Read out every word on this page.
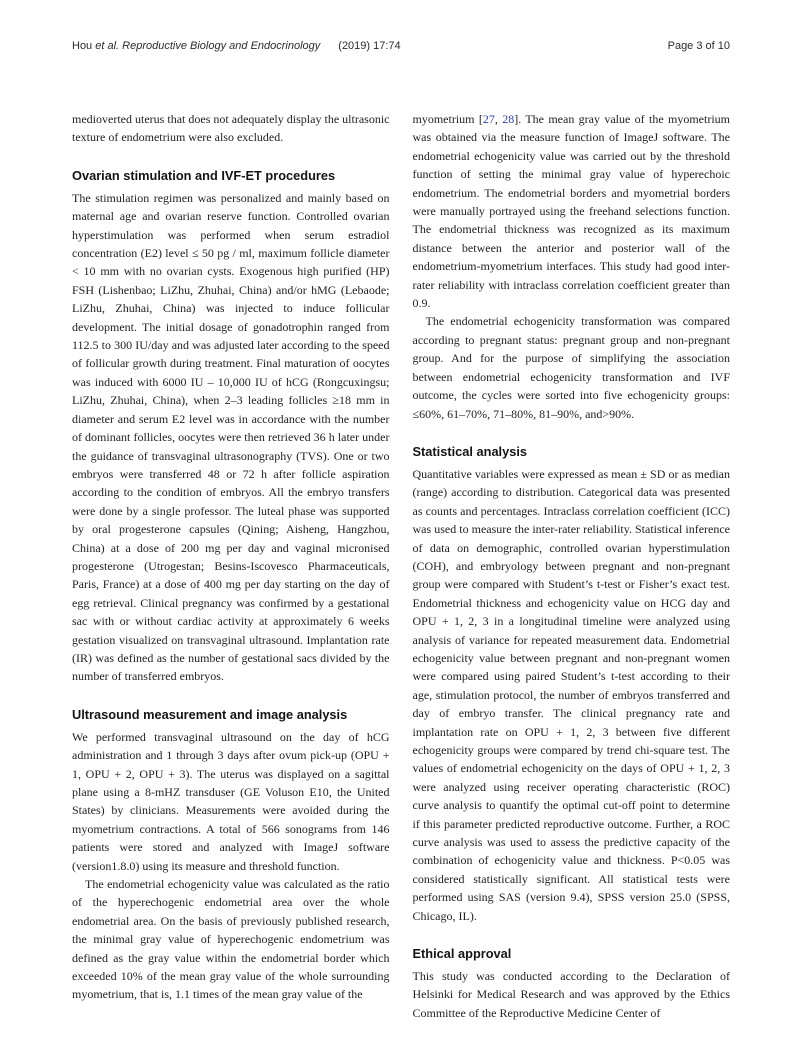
Hou et al. Reproductive Biology and Endocrinology (2019) 17:74	Page 3 of 10

medioverted uterus that does not adequately display the ultrasonic texture of endometrium were also excluded.

Ovarian stimulation and IVF-ET procedures

The stimulation regimen was personalized and mainly based on maternal age and ovarian reserve function. Controlled ovarian hyperstimulation was performed when serum estradiol concentration (E2) level ≤ 50 pg / ml, maximum follicle diameter < 10 mm with no ovarian cysts. Exogenous high purified (HP) FSH (Lishenbao; LiZhu, Zhuhai, China) and/or hMG (Lebaode; LiZhu, Zhuhai, China) was injected to induce follicular development. The initial dosage of gonadotrophin ranged from 112.5 to 300 IU/day and was adjusted later according to the speed of follicular growth during treatment. Final maturation of oocytes was induced with 6000 IU – 10,000 IU of hCG (Rongcuxingsu; LiZhu, Zhuhai, China), when 2–3 leading follicles ≥18 mm in diameter and serum E2 level was in accordance with the number of dominant follicles, oocytes were then retrieved 36 h later under the guidance of transvaginal ultrasonography (TVS). One or two embryos were transferred 48 or 72 h after follicle aspiration according to the condition of embryos. All the embryo transfers were done by a single professor. The luteal phase was supported by oral progesterone capsules (Qining; Aisheng, Hangzhou, China) at a dose of 200 mg per day and vaginal micronised progesterone (Utrogestan; Besins-Iscovesco Pharmaceuticals, Paris, France) at a dose of 400 mg per day starting on the day of egg retrieval. Clinical pregnancy was confirmed by a gestational sac with or without cardiac activity at approximately 6 weeks gestation visualized on transvaginal ultrasound. Implantation rate (IR) was defined as the number of gestational sacs divided by the number of transferred embryos.

Ultrasound measurement and image analysis

We performed transvaginal ultrasound on the day of hCG administration and 1 through 3 days after ovum pick-up (OPU + 1, OPU + 2, OPU + 3). The uterus was displayed on a sagittal plane using a 8-mHZ transduser (GE Voluson E10, the United States) by clinicians. Measurements were avoided during the myometrium contractions. A total of 566 sonograms from 146 patients were stored and analyzed with ImageJ software (version1.8.0) using its measure and threshold function.

The endometrial echogenicity value was calculated as the ratio of the hyperechogenic endometrial area over the whole endometrial area. On the basis of previously published research, the minimal gray value of hyperechogenic endometrium was defined as the gray value within the endometrial border which exceeded 10% of the mean gray value of the whole surrounding myometrium, that is, 1.1 times of the mean gray value of the

myometrium [27, 28]. The mean gray value of the myometrium was obtained via the measure function of ImageJ software. The endometrial echogenicity value was carried out by the threshold function of setting the minimal gray value of hyperechoic endometrium. The endometrial borders and myometrial borders were manually portrayed using the freehand selections function. The endometrial thickness was recognized as its maximum distance between the anterior and posterior wall of the endometrium-myometrium interfaces. This study had good inter-rater reliability with intraclass correlation coefficient greater than 0.9.

The endometrial echogenicity transformation was compared according to pregnant status: pregnant group and non-pregnant group. And for the purpose of simplifying the association between endometrial echogenicity transformation and IVF outcome, the cycles were sorted into five echogenicity groups: ≤60%, 61–70%, 71–80%, 81–90%, and>90%.

Statistical analysis

Quantitative variables were expressed as mean ± SD or as median (range) according to distribution. Categorical data was presented as counts and percentages. Intraclass correlation coefficient (ICC) was used to measure the inter-rater reliability. Statistical inference of data on demographic, controlled ovarian hyperstimulation (COH), and embryology between pregnant and non-pregnant group were compared with Student’s t-test or Fisher’s exact test. Endometrial thickness and echogenicity value on HCG day and OPU + 1, 2, 3 in a longitudinal timeline were analyzed using analysis of variance for repeated measurement data. Endometrial echogenicity value between pregnant and non-pregnant women were compared using paired Student’s t-test according to their age, stimulation protocol, the number of embryos transferred and day of embryo transfer. The clinical pregnancy rate and implantation rate on OPU + 1, 2, 3 between five different echogenicity groups were compared by trend chi-square test. The values of endometrial echogenicity on the days of OPU + 1, 2, 3 were analyzed using receiver operating characteristic (ROC) curve analysis to quantify the optimal cut-off point to determine if this parameter predicted reproductive outcome. Further, a ROC curve analysis was used to assess the predictive capacity of the combination of echogenicity value and thickness. P<0.05 was considered statistically significant. All statistical tests were performed using SAS (version 9.4), SPSS version 25.0 (SPSS, Chicago, IL).

Ethical approval

This study was conducted according to the Declaration of Helsinki for Medical Research and was approved by the Ethics Committee of the Reproductive Medicine Center of
